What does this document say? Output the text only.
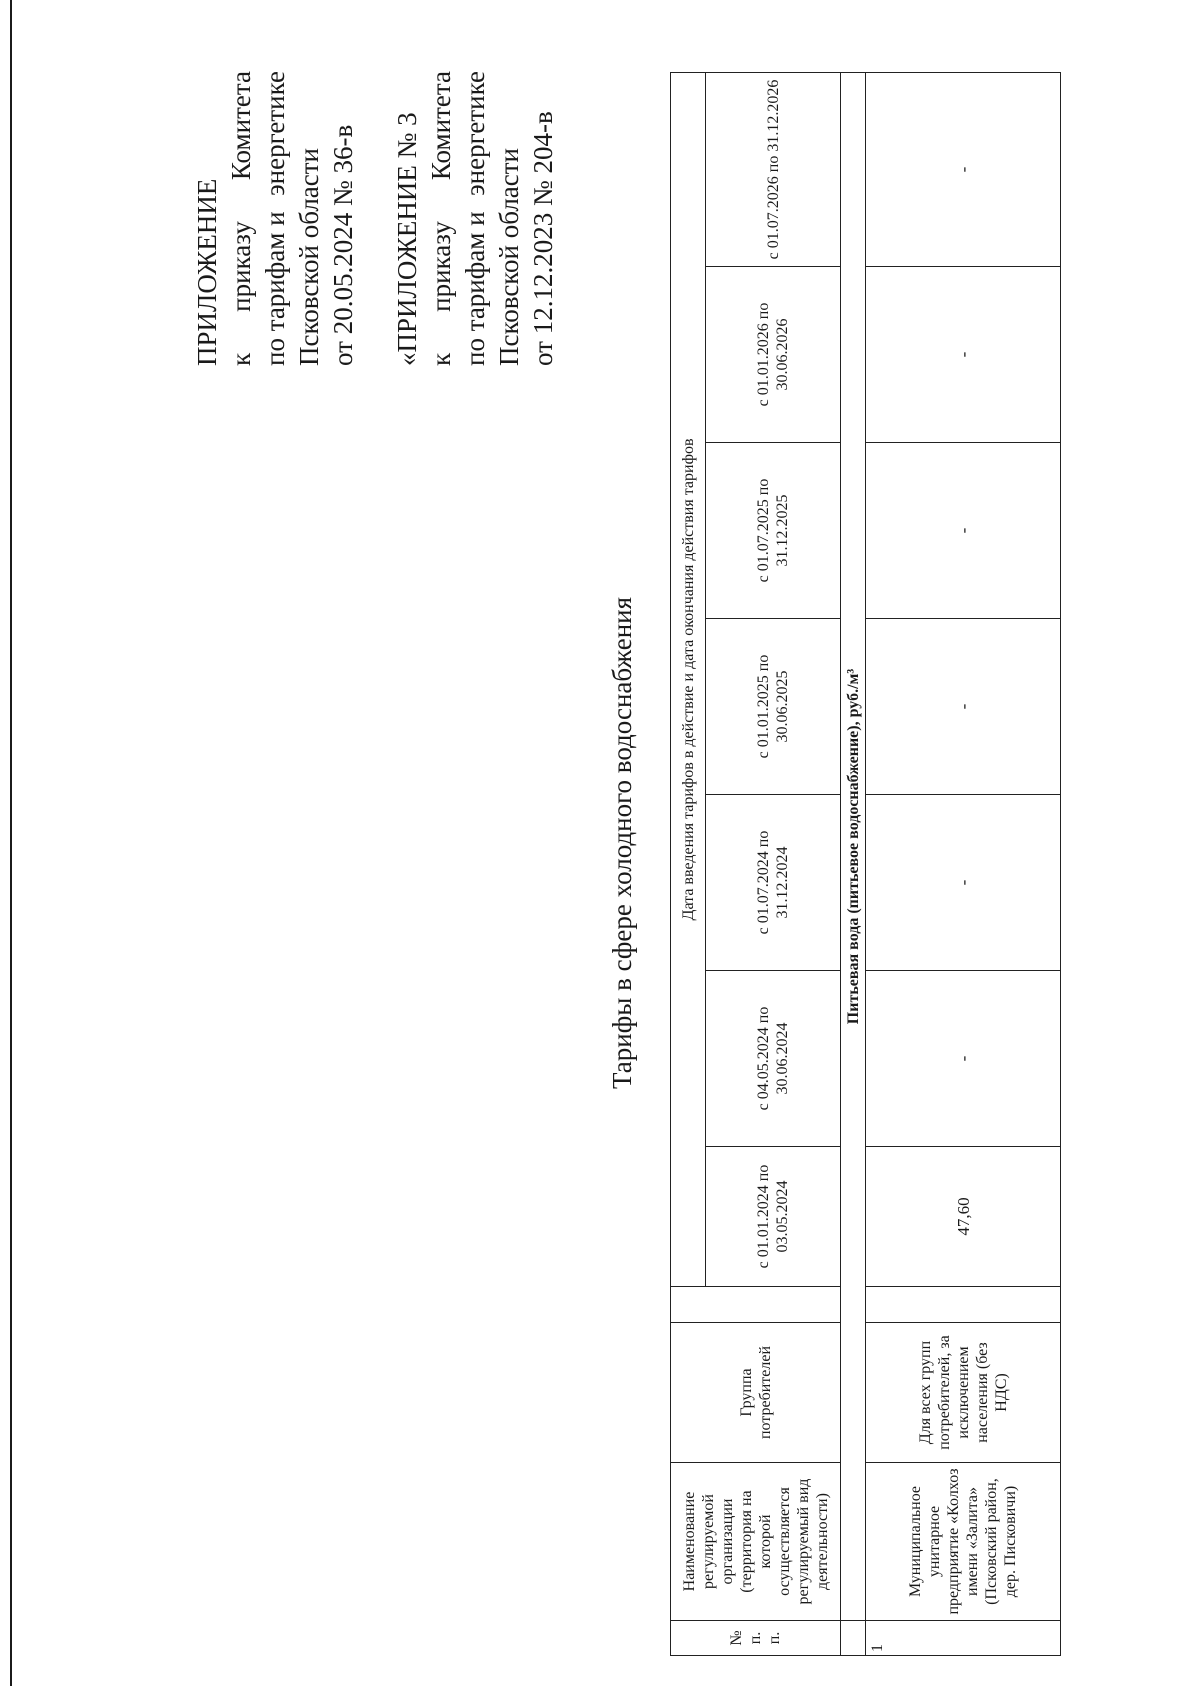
ПРИЛОЖЕНИЕ к
приказу
Комитета
по тарифам и
энергетике
Псковской области от 20.05.2024 № 36-в «ПРИЛОЖЕНИЕ № 3 к
приказу
Комитета
по тарифам и
энергетике
Псковской области от 12.12.2023 № 204-в
Тарифы в сфере холодного водоснабжения
№ п. п.	Наименование регулируемой организации (территория на которой осуществляется регулируемый вид деятельности)	Группа потребителей		Дата введения тарифов в действие и дата окончания действия тарифов						
				с 01.01.2024 по 03.05.2024	с 04.05.2024 по 30.06.2024	с 01.07.2024 по 31.12.2024	с 01.01.2025 по 30.06.2025	с 01.07.2025 по 31.12.2025	с 01.01.2026 по 30.06.2026	с 01.07.2026 по 31.12.2026
	Питьевая вода (питьевое водоснабжение), руб./м³									
1	Муниципальное унитарное предприятие «Колхоз имени «Залита» (Псковский район, дер. Писковичи)	Для всех групп потребителей, за исключением населения (без НДС)		47,60	-	-	-	-	-	-
